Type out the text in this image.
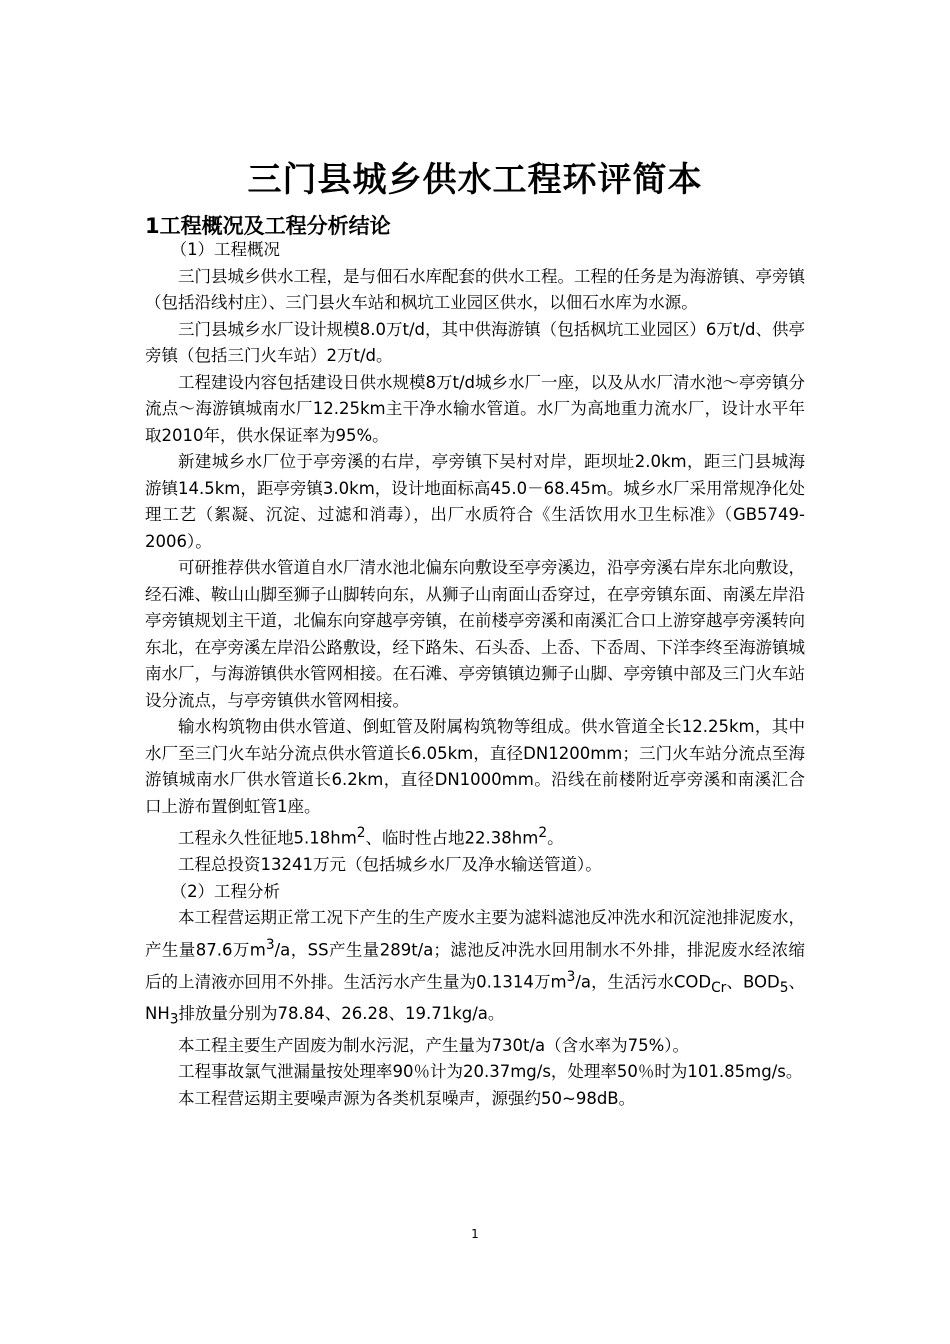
三门县城乡供水工程环评简本
1工程概况及工程分析结论

（1）工程概况

三门县城乡供水工程，是与佃石水库配套的供水工程。工程的任务是为海游镇、亭旁镇（包括沿线村庄）、三门县火车站和枫坑工业园区供水，以佃石水库为水源。

三门县城乡水厂设计规模8.0万t/d，其中供海游镇（包括枫坑工业园区）6万t/d、供亭旁镇（包括三门火车站）2万t/d。

工程建设内容包括建设日供水规模8万t/d城乡水厂一座，以及从水厂清水池～亭旁镇分流点～海游镇城南水厂12.25km主干净水输水管道。水厂为高地重力流水厂，设计水平年取2010年，供水保证率为95%。

新建城乡水厂位于亭旁溪的右岸，亭旁镇下吴村对岸，距坝址2.0km，距三门县城海游镇14.5km，距亭旁镇3.0km，设计地面标高45.0－68.45m。城乡水厂采用常规净化处理工艺（絮凝、沉淀、过滤和消毒），出厂水质符合《生活饮用水卫生标准》（GB5749-2006）。

可研推荐供水管道自水厂清水池北偏东向敷设至亭旁溪边，沿亭旁溪右岸东北向敷设，经石滩、鞍山山脚至狮子山脚转向东，从狮子山南面山岙穿过，在亭旁镇东面、南溪左岸沿亭旁镇规划主干道，北偏东向穿越亭旁镇，在前楼亭旁溪和南溪汇合口上游穿越亭旁溪转向东北，在亭旁溪左岸沿公路敷设，经下路朱、石头岙、上岙、下岙周、下洋李终至海游镇城南水厂，与海游镇供水管网相接。在石滩、亭旁镇镇边狮子山脚、亭旁镇中部及三门火车站设分流点，与亭旁镇供水管网相接。

输水构筑物由供水管道、倒虹管及附属构筑物等组成。供水管道全长12.25km，其中水厂至三门火车站分流点供水管道长6.05km，直径DN1200mm；三门火车站分流点至海游镇城南水厂供水管道长6.2km，直径DN1000mm。沿线在前楼附近亭旁溪和南溪汇合口上游布置倒虹管1座。

工程永久性征地$5.18hm^2$、临时性占地$22.38hm^2$。

工程总投资13241万元（包括城乡水厂及净水输送管道）。

（2）工程分析

本工程营运期正常工况下产生的生产废水主要为滤料滤池反冲洗水和沉淀池排泥废水，产生量87.6万$m^3/a$，SS产生量289t/a；滤池反冲洗水回用制水不外排，排泥废水经浓缩后的上清液亦回用不外排。生活污水产生量为0.1314万$m^3/a$，生活污水$COD_{Cr}$、$BOD_5$、$NH_3$排放量分别为78.84、26.28、19.71kg/a。

本工程主要生产固废为制水污泥，产生量为730t/a（含水率为75%）。

工程事故氯气泄漏量按处理率90％计为20.37mg/s，处理率50％时为101.85mg/s。

本工程营运期主要噪声源为各类机泵噪声，源强约50~98dB。

1
